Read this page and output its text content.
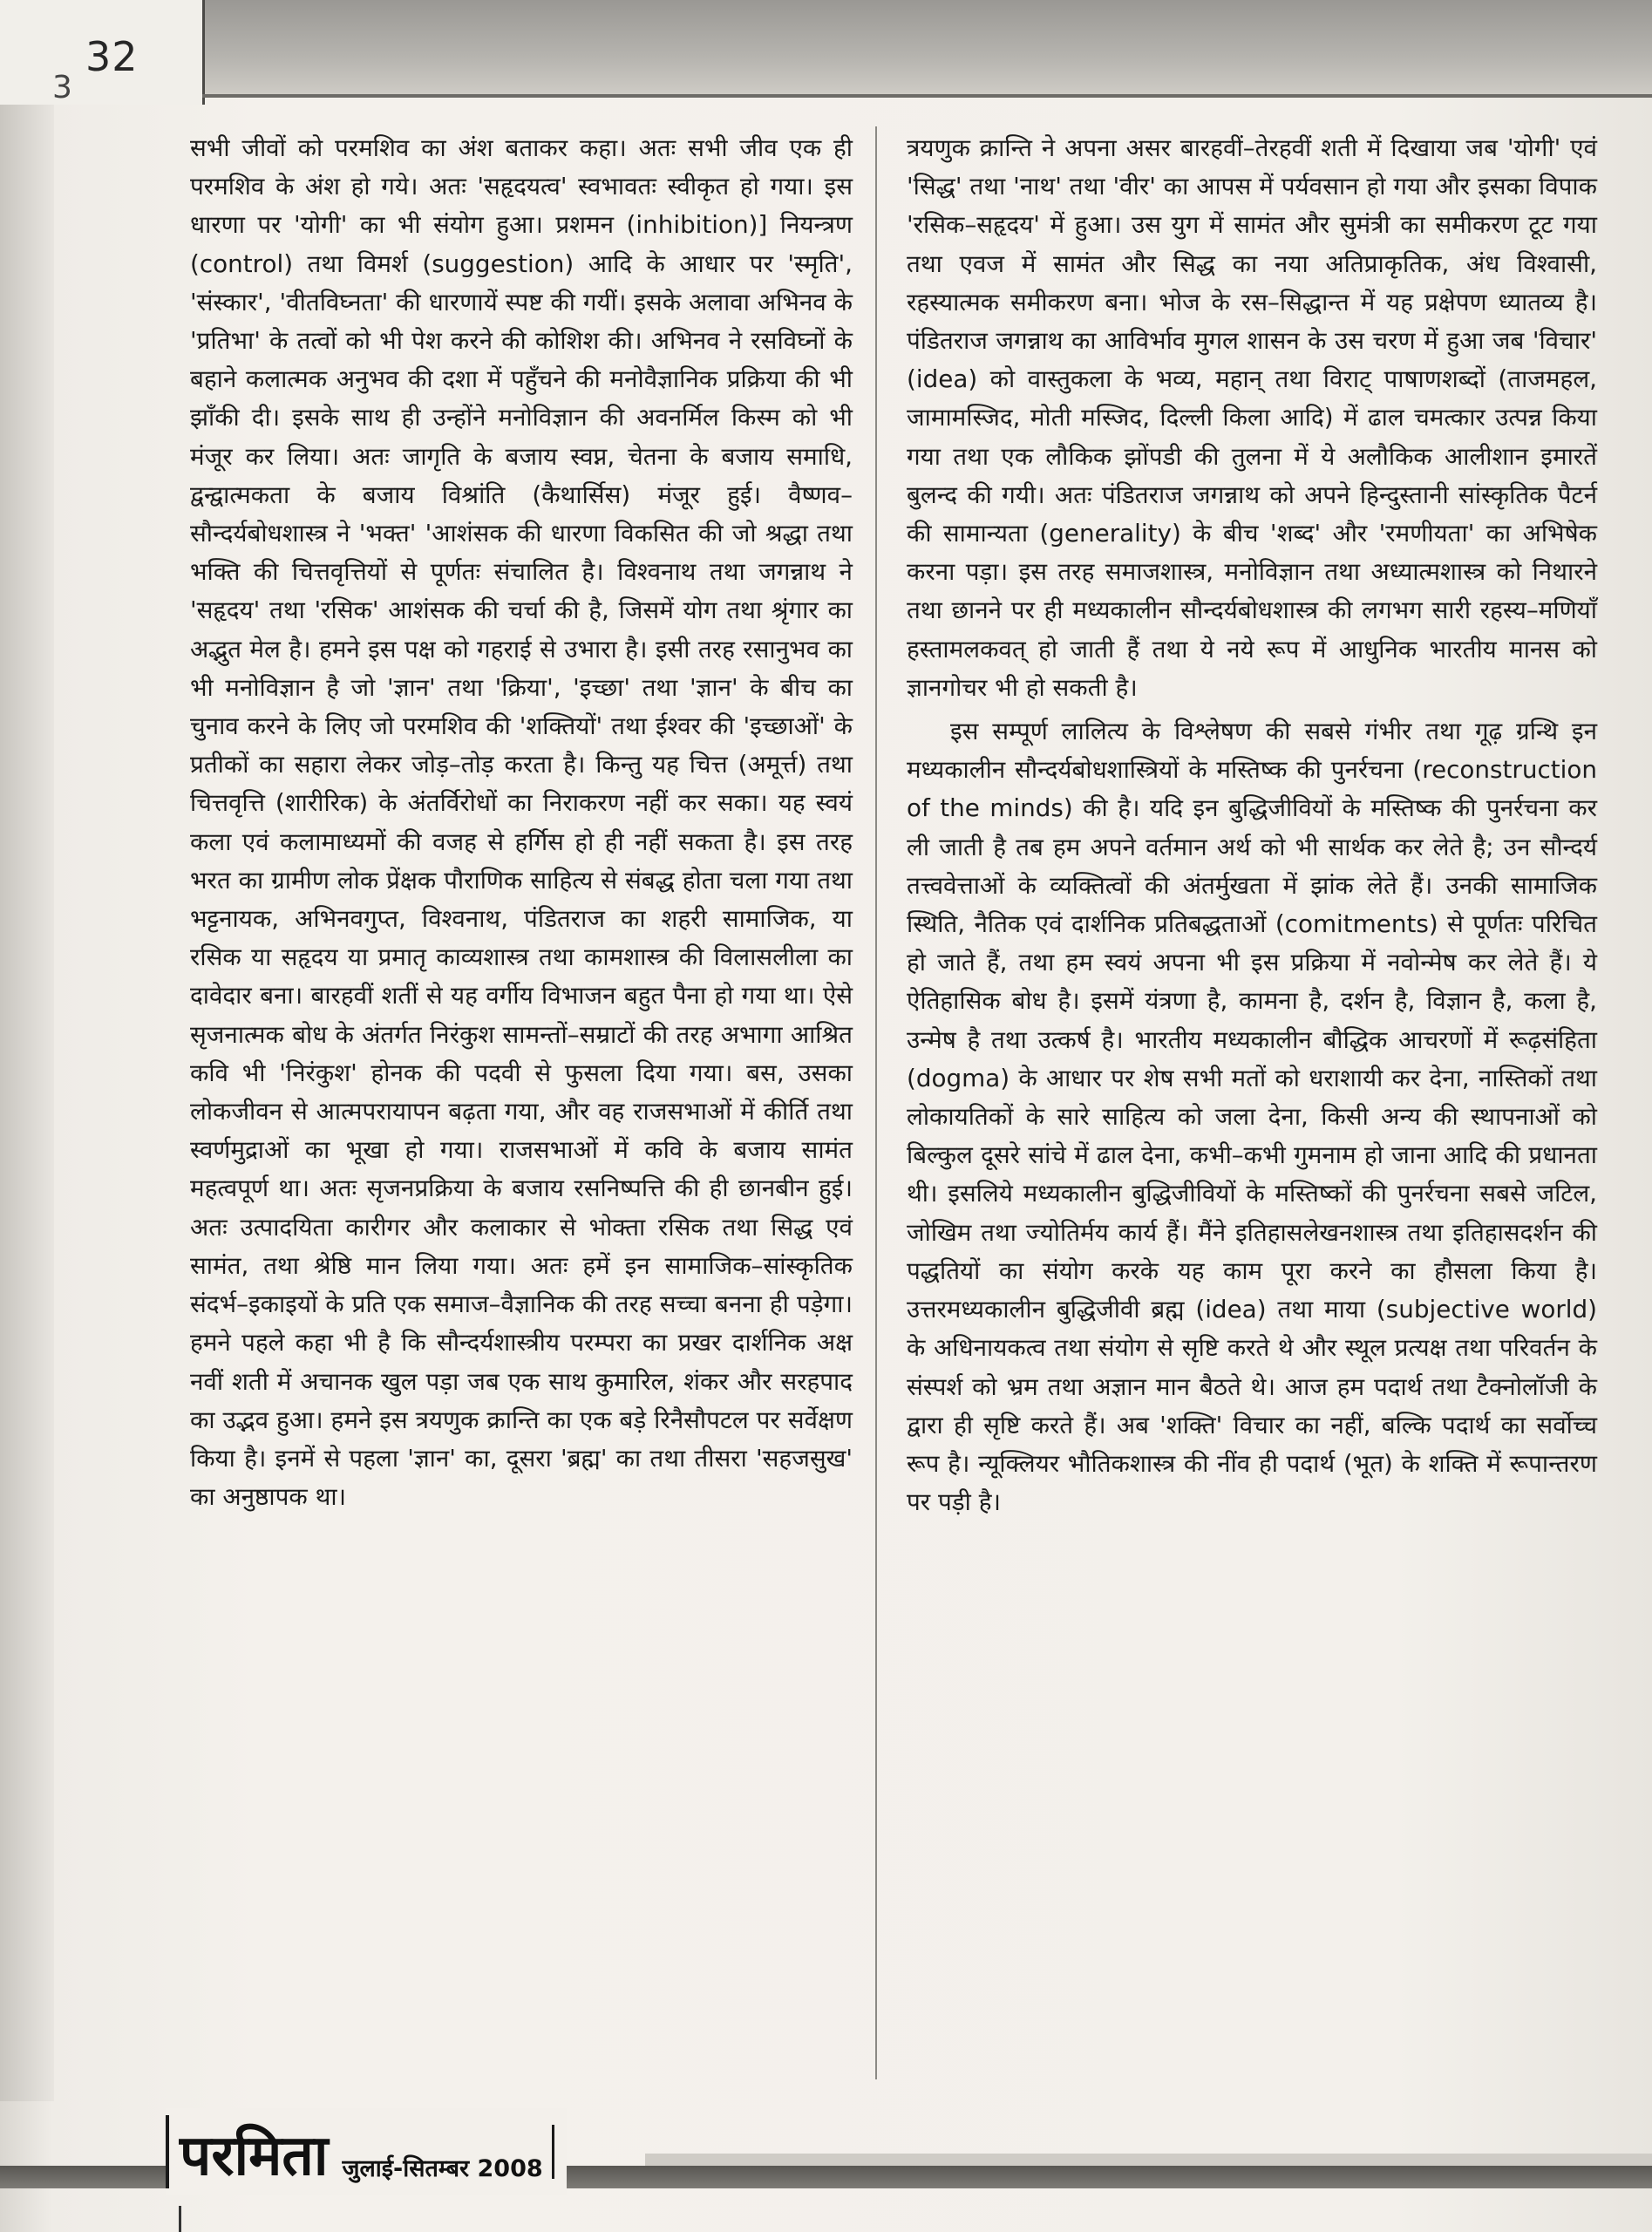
32
3

सभी जीवों को परमशिव का अंश बताकर कहा। अतः सभी जीव एक ही परमशिव के अंश हो गये। अतः 'सहृदयत्व' स्वभावतः स्वीकृत हो गया। इस धारणा पर 'योगी' का भी संयोग हुआ। प्रशमन (inhibition)] नियन्त्रण (control) तथा विमर्श (suggestion) आदि के आधार पर 'स्मृति', 'संस्कार', 'वीतविघ्नता' की धारणायें स्पष्ट की गयीं। इसके अलावा अभिनव के 'प्रतिभा' के तत्वों को भी पेश करने की कोशिश की। अभिनव ने रसविघ्नों के बहाने कलात्मक अनुभव की दशा में पहुँचने की मनोवैज्ञानिक प्रक्रिया की भी झाँकी दी। इसके साथ ही उन्होंने मनोविज्ञान की अवनर्मिल किस्म को भी मंजूर कर लिया। अतः जागृति के बजाय स्वप्न, चेतना के बजाय समाधि, द्वन्द्वात्मकता के बजाय विश्रांति (कैथार्सिस) मंजूर हुई। वैष्णव–सौन्दर्यबोधशास्त्र ने 'भक्त' 'आशंसक की धारणा विकसित की जो श्रद्धा तथा भक्ति की चित्तवृत्तियों से पूर्णतः संचालित है। विश्वनाथ तथा जगन्नाथ ने 'सहृदय' तथा 'रसिक' आशंसक की चर्चा की है, जिसमें योग तथा श्रृंगार का अद्भुत मेल है। हमने इस पक्ष को गहराई से उभारा है। इसी तरह रसानुभव का भी मनोविज्ञान है जो 'ज्ञान' तथा 'क्रिया', 'इच्छा' तथा 'ज्ञान' के बीच का चुनाव करने के लिए जो परमशिव की 'शक्तियों' तथा ईश्वर की 'इच्छाओं' के प्रतीकों का सहारा लेकर जोड़–तोड़ करता है। किन्तु यह चित्त (अमूर्त्त) तथा चित्तवृत्ति (शारीरिक) के अंतर्विरोधों का निराकरण नहीं कर सका। यह स्वयं कला एवं कलामाध्यमों की वजह से हर्गिस हो ही नहीं सकता है। इस तरह भरत का ग्रामीण लोक प्रेंक्षक पौराणिक साहित्य से संबद्ध होता चला गया तथा भट्टनायक, अभिनवगुप्त, विश्वनाथ, पंडितराज का शहरी सामाजिक, या रसिक या सहृदय या प्रमातृ काव्यशास्त्र तथा कामशास्त्र की विलासलीला का दावेदार बना। बारहवीं शतीं से यह वर्गीय विभाजन बहुत पैना हो गया था। ऐसे सृजनात्मक बोध के अंतर्गत निरंकुश सामन्तों–सम्राटों की तरह अभागा आश्रित कवि भी 'निरंकुश' होनक की पदवी से फुसला दिया गया। बस, उसका लोकजीवन से आत्मपरायापन बढ़ता गया, और वह राजसभाओं में कीर्ति तथा स्वर्णमुद्राओं का भूखा हो गया। राजसभाओं में कवि के बजाय सामंत महत्वपूर्ण था। अतः सृजनप्रक्रिया के बजाय रसनिष्पत्ति की ही छानबीन हुई। अतः उत्पादयिता कारीगर और कलाकार से भोक्ता रसिक तथा सिद्ध एवं सामंत, तथा श्रेष्ठि मान लिया गया। अतः हमें इन सामाजिक–सांस्कृतिक संदर्भ–इकाइयों के प्रति एक समाज–वैज्ञानिक की तरह सच्चा बनना ही पड़ेगा। हमने पहले कहा भी है कि सौन्दर्यशास्त्रीय परम्परा का प्रखर दार्शनिक अक्ष नवीं शती में अचानक खुल पड़ा जब एक साथ कुमारिल, शंकर और सरहपाद का उद्भव हुआ। हमने इस त्रयणुक क्रान्ति का एक बड़े रिनैसौपटल पर सर्वेक्षण किया है। इनमें से पहला 'ज्ञान' का, दूसरा 'ब्रह्म' का तथा तीसरा 'सहजसुख' का अनुष्ठापक था।

त्रयणुक क्रान्ति ने अपना असर बारहवीं–तेरहवीं शती में दिखाया जब 'योगी' एवं 'सिद्ध' तथा 'नाथ' तथा 'वीर' का आपस में पर्यवसान हो गया और इसका विपाक 'रसिक–सहृदय' में हुआ। उस युग में सामंत और सुमंत्री का समीकरण टूट गया तथा एवज में सामंत और सिद्ध का नया अतिप्राकृतिक, अंध विश्वासी, रहस्यात्मक समीकरण बना। भोज के रस–सिद्धान्त में यह प्रक्षेपण ध्यातव्य है। पंडितराज जगन्नाथ का आविर्भाव मुगल शासन के उस चरण में हुआ जब 'विचार' (idea) को वास्तुकला के भव्य, महान् तथा विराट् पाषाणशब्दों (ताजमहल, जामामस्जिद, मोती मस्जिद, दिल्ली किला आदि) में ढाल चमत्कार उत्पन्न किया गया तथा एक लौकिक झोंपडी की तुलना में ये अलौकिक आलीशान इमारतें बुलन्द की गयी। अतः पंडितराज जगन्नाथ को अपने हिन्दुस्तानी सांस्कृतिक पैटर्न की सामान्यता (generality) के बीच 'शब्द' और 'रमणीयता' का अभिषेक करना पड़ा। इस तरह समाजशास्त्र, मनोविज्ञान तथा अध्यात्मशास्त्र को निथारने तथा छानने पर ही मध्यकालीन सौन्दर्यबोधशास्त्र की लगभग सारी रहस्य–मणियाँ हस्तामलकवत् हो जाती हैं तथा ये नये रूप में आधुनिक भारतीय मानस को ज्ञानगोचर भी हो सकती है।

इस सम्पूर्ण लालित्य के विश्लेषण की सबसे गंभीर तथा गूढ़ ग्रन्थि इन मध्यकालीन सौन्दर्यबोधशास्त्रियों के मस्तिष्क की पुनर्रचना (reconstruction of the minds) की है। यदि इन बुद्धिजीवियों के मस्तिष्क की पुनर्रचना कर ली जाती है तब हम अपने वर्तमान अर्थ को भी सार्थक कर लेते है; उन सौन्दर्य तत्त्ववेत्ताओं के व्यक्तित्वों की अंतर्मुखता में झांक लेते हैं। उनकी सामाजिक स्थिति, नैतिक एवं दार्शनिक प्रतिबद्धताओं (comitments) से पूर्णतः परिचित हो जाते हैं, तथा हम स्वयं अपना भी इस प्रक्रिया में नवोन्मेष कर लेते हैं। ये ऐतिहासिक बोध है। इसमें यंत्रणा है, कामना है, दर्शन है, विज्ञान है, कला है, उन्मेष है तथा उत्कर्ष है। भारतीय मध्यकालीन बौद्धिक आचरणों में रूढ़संहिता (dogma) के आधार पर शेष सभी मतों को धराशायी कर देना, नास्तिकों तथा लोकायतिकों के सारे साहित्य को जला देना, किसी अन्य की स्थापनाओं को बिल्कुल दूसरे सांचे में ढाल देना, कभी–कभी गुमनाम हो जाना आदि की प्रधानता थी। इसलिये मध्यकालीन बुद्धिजीवियों के मस्तिष्कों की पुनर्रचना सबसे जटिल, जोखिम तथा ज्योतिर्मय कार्य हैं। मैंने इतिहासलेखनशास्त्र तथा इतिहासदर्शन की पद्धतियों का संयोग करके यह काम पूरा करने का हौसला किया है। उत्तरमध्यकालीन बुद्धिजीवी ब्रह्म (idea) तथा माया (subjective world) के अधिनायकत्व तथा संयोग से सृष्टि करते थे और स्थूल प्रत्यक्ष तथा परिवर्तन के संस्पर्श को भ्रम तथा अज्ञान मान बैठते थे। आज हम पदार्थ तथा टैक्नोलॉजी के द्वारा ही सृष्टि करते हैं। अब 'शक्ति' विचार का नहीं, बल्कि पदार्थ का सर्वोच्च रूप है। न्यूक्लियर भौतिकशास्त्र की नींव ही पदार्थ (भूत) के शक्ति में रूपान्तरण पर पड़ी है।

परमिता जुलाई-सितम्बर 2008
